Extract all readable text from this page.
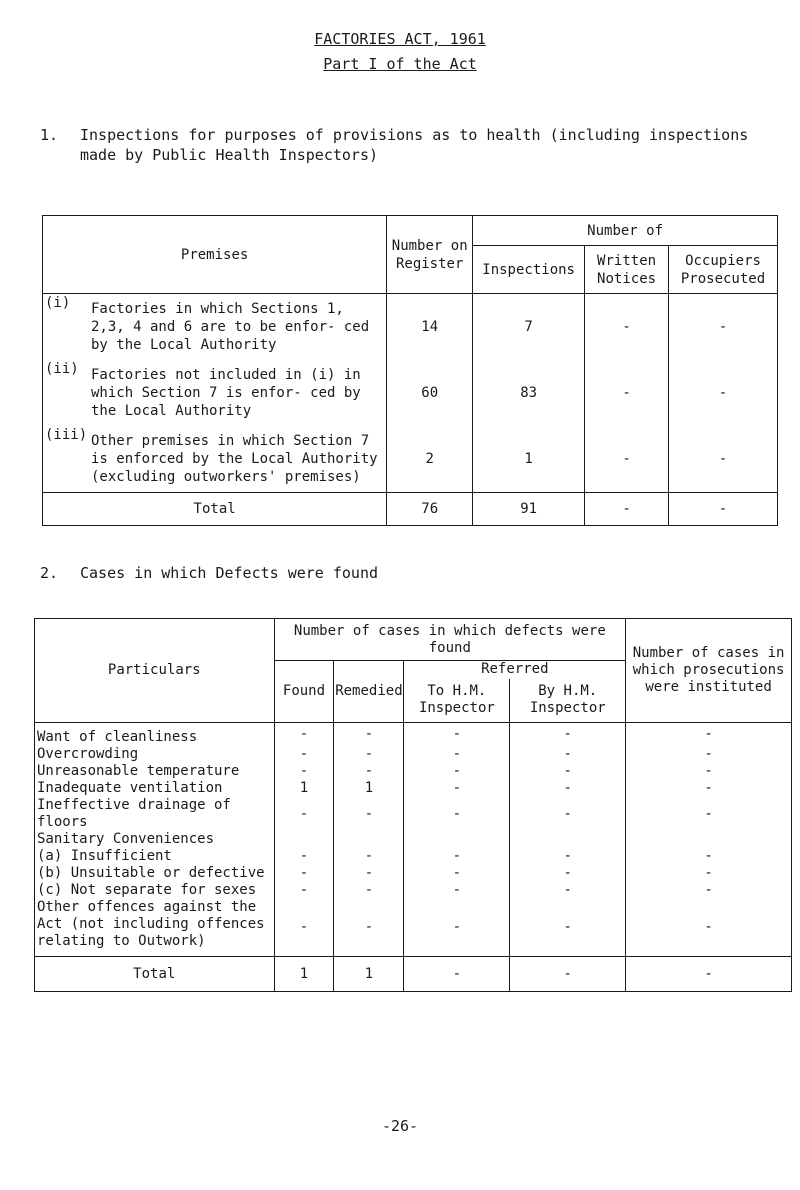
FACTORIES ACT, 1961
Part I of the Act
1. Inspections for purposes of provisions as to health (including inspections made by Public Health Inspectors)
Premises	Number on Register	Number of		
		Inspections	Written Notices	Occupiers Prosecuted

(i) Factories in which Sections 1, 2,3, 4 and 6 are to be enfor- ced by the Local Authority	14	7	-	-

(ii) Factories not included in (i) in which Section 7 is enfor- ced by the Local Authority	60	83	-	-

(iii) Other premises in which Section 7 is enforced by the Local Authority (excluding outworkers' premises)	2	1	-	-
Total	76	91	-	-
2. Cases in which Defects were found
Particulars	Number of cases in which defects were found				Number of cases in which prosecutions were instituted
	Found	Remedied	Referred		
			To H.M. Inspector	By H.M. Inspector	
Want of cleanliness	-	-	-	-	-
Overcrowding	-	-	-	-	-
Unreasonable temperature	-	-	-	-	-
Inadequate ventilation	1	1	-	-	-
Ineffective drainage of floors	-	-	-	-	-
Sanitary Conveniences					
(a) Insufficient	-	-	-	-	-
(b) Unsuitable or defective	-	-	-	-	-
(c) Not separate for sexes	-	-	-	-	-
Other offences against the Act (not including offences relating to Outwork)	-	-	-	-	-
Total	1	1	-	-	-
-26-
